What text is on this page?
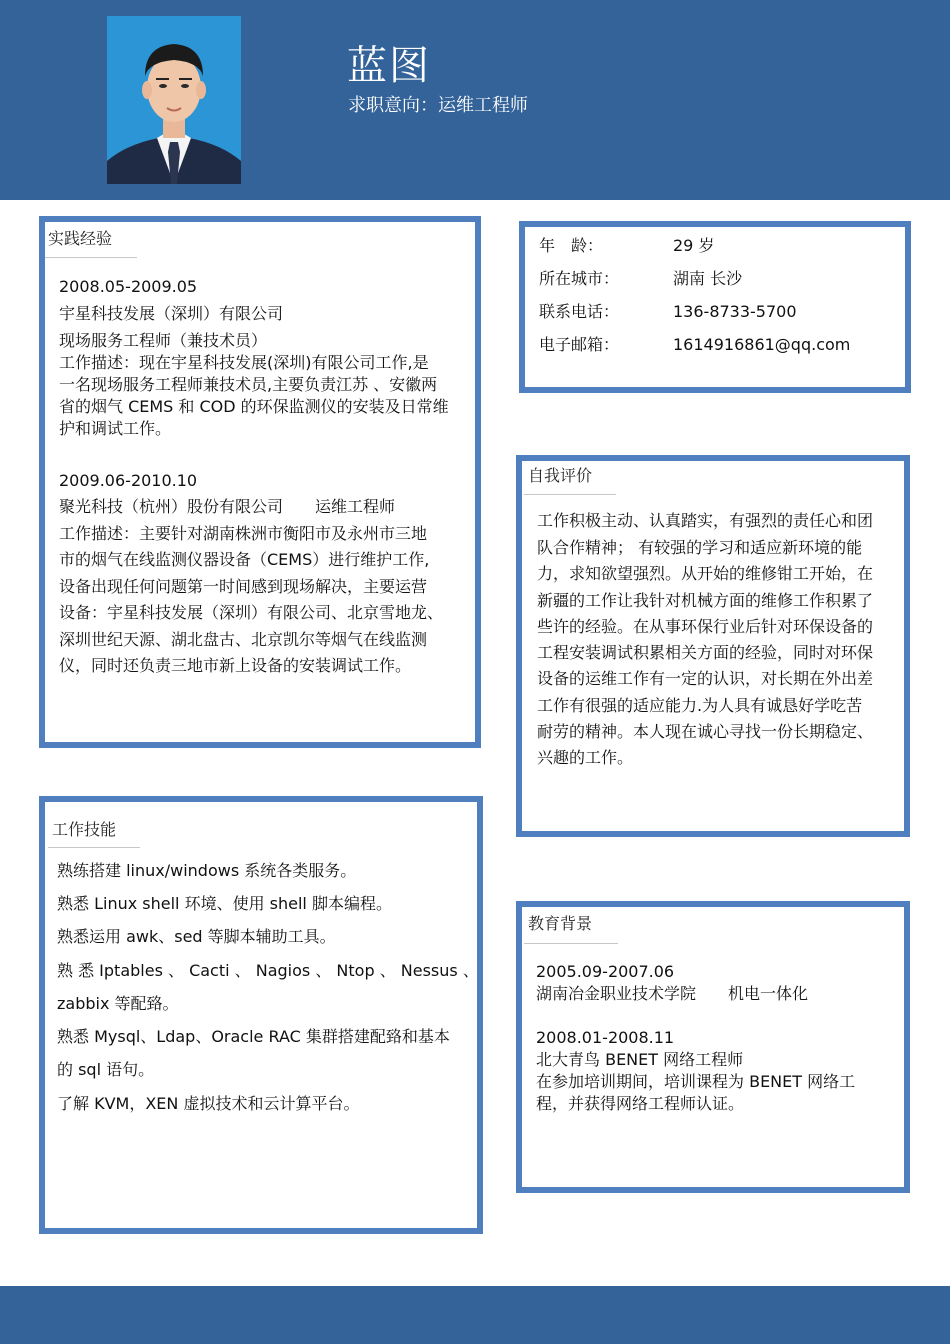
蓝图
求职意向：运维工程师
实践经验
2008.05-2009.05
宇星科技发展（深圳）有限公司
现场服务工程师（兼技术员）
工作描述：现在宇星科技发展(深圳)有限公司工作,是
一名现场服务工程师兼技术员,主要负责江苏 、安徽两
省的烟气 CEMS 和 COD 的环保监测仪的安装及日常维
护和调试工作。
2009.06-2010.10
聚光科技（杭州）股份有限公司　　运维工程师
工作描述：主要针对湖南株洲市衡阳市及永州市三地
市的烟气在线监测仪器设备（CEMS）进行维护工作,
设备出现任何问题第一时间感到现场解决，主要运营
设备：宇星科技发展（深圳）有限公司、北京雪地龙、
深圳世纪天源、湖北盘古、北京凯尔等烟气在线监测
仪，同时还负责三地市新上设备的安装调试工作。
年　龄：	29 岁
所在城市：	湖南 长沙
联系电话：	136-8733-5700
电子邮箱：	1614916861@qq.com
自我评价
工作积极主动、认真踏实，有强烈的责任心和团
队合作精神； 有较强的学习和适应新环境的能
力，求知欲望强烈。从开始的维修钳工开始，在
新疆的工作让我针对机械方面的维修工作积累了
些许的经验。在从事环保行业后针对环保设备的
工程安装调试积累相关方面的经验，同时对环保
设备的运维工作有一定的认识，对长期在外出差
工作有很强的适应能力.为人具有诚恳好学吃苦
耐劳的精神。本人现在诚心寻找一份长期稳定、
兴趣的工作。
工作技能
熟练搭建 linux/windows 系统各类服务。
熟悉 Linux shell 环境、使用 shell 脚本编程。
熟悉运用 awk、sed 等脚本辅助工具。
熟 悉 Iptables 、 Cacti 、 Nagios 、 Ntop 、 Nessus 、
zabbix 等配臵。
熟悉 Mysql、Ldap、Oracle RAC 集群搭建配臵和基本
的 sql 语句。
了解 KVM，XEN 虚拟技术和云计算平台。
教育背景
2005.09-2007.06
湖南冶金职业技术学院　　机电一体化
2008.01-2008.11
北大青鸟 BENET 网络工程师
在参加培训期间，培训课程为 BENET 网络工
程，并获得网络工程师认证。
